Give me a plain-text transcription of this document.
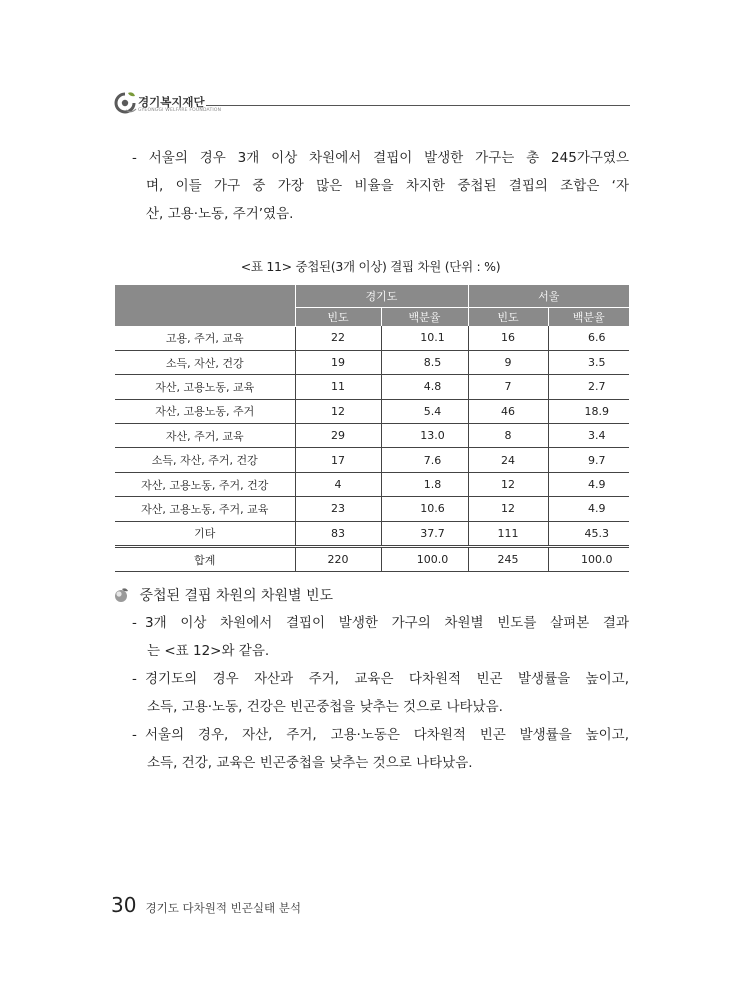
경기복지재단
GYEONGGI WELFARE FOUNDATION
- 서울의 경우 3개 이상 차원에서 결핍이 발생한 가구는 총 245가구였으
며, 이들 가구 중 가장 많은 비율을 차지한 중첩된 결핍의 조합은 ‘자
산, 고용·노동, 주거’였음.
<표 11> 중첩된(3개 이상) 결핍 차원 (단위 : %)
	경기도		서울	
	빈도	백분율	빈도	백분율
고용, 주거, 교육	22	10.1	16	6.6
소득, 자산, 건강	19	8.5	9	3.5
자산, 고용노동, 교육	11	4.8	7	2.7
자산, 고용노동, 주거	12	5.4	46	18.9
자산, 주거, 교육	29	13.0	8	3.4
소득, 자산, 주거, 건강	17	7.6	24	9.7
자산, 고용노동, 주거, 건강	4	1.8	12	4.9
자산, 고용노동, 주거, 교육	23	10.6	12	4.9
기타	83	37.7	111	45.3
합계	220	100.0	245	100.0
중첩된 결핍 차원의 차원별 빈도
- 3개 이상 차원에서 결핍이 발생한 가구의 차원별 빈도를 살펴본 결과
는 <표 12>와 같음.
- 경기도의 경우 자산과 주거, 교육은 다차원적 빈곤 발생률을 높이고,
소득, 고용·노동, 건강은 빈곤중첩을 낮추는 것으로 나타났음.
- 서울의 경우, 자산, 주거, 고용·노동은 다차원적 빈곤 발생률을 높이고,
소득, 건강, 교육은 빈곤중첩을 낮추는 것으로 나타났음.
30 경기도 다차원적 빈곤실태 분석
